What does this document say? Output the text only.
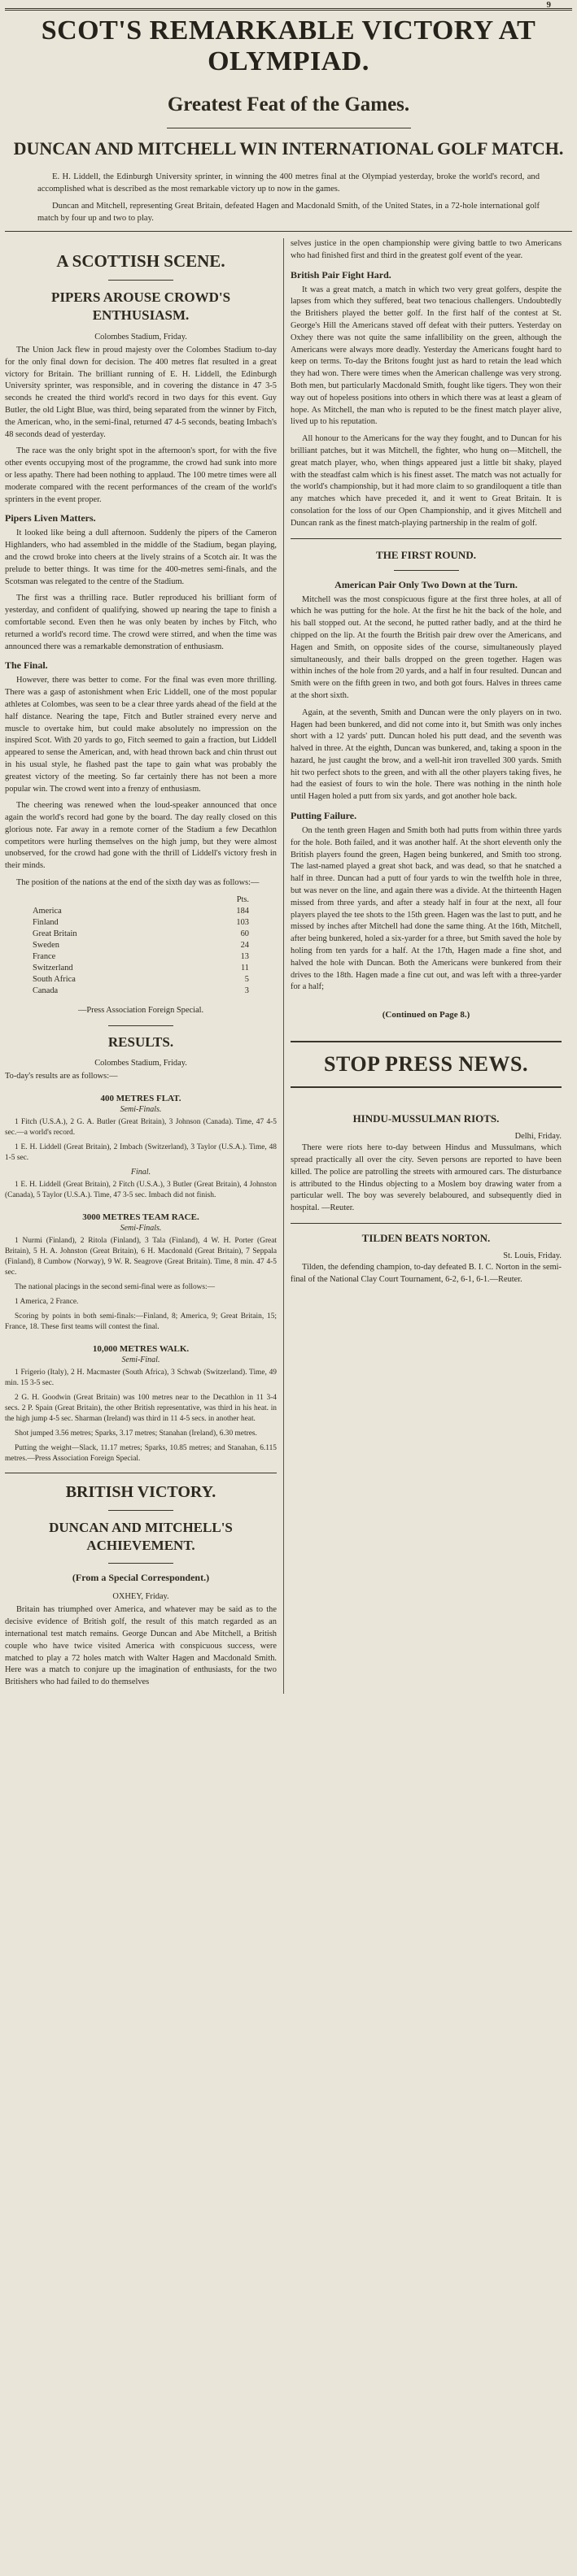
9
SCOT'S REMARKABLE VICTORY AT OLYMPIAD.
Greatest Feat of the Games.
DUNCAN AND MITCHELL WIN INTERNATIONAL GOLF MATCH.

E. H. Liddell, the Edinburgh University sprinter, in winning the 400 metres final at the Olympiad yesterday, broke the world's record, and accomplished what is described as the most remarkable victory up to now in the games.

Duncan and Mitchell, representing Great Britain, defeated Hagen and Macdonald Smith, of the United States, in a 72-hole international golf match by four up and two to play.

A SCOTTISH SCENE.
PIPERS AROUSE CROWD'S ENTHUSIASM.
Colombes Stadium, Friday.

The Union Jack flew in proud majesty over the Colombes Stadium to-day for the only final down for decision. The 400 metres flat resulted in a great victory for Britain. The brilliant running of E. H. Liddell, the Edinburgh University sprinter, was responsible, and in covering the distance in 47 3-5 seconds he created the third world's record in two days for this event. Guy Butler, the old Light Blue, was third, being separated from the winner by Fitch, the American, who, in the semi-final, returned 47 4-5 seconds, beating Imbach's 48 seconds dead of yesterday.

The race was the only bright spot in the afternoon's sport, for with the five other events occupying most of the programme, the crowd had sunk into more or less apathy. There had been nothing to applaud. The 100 metre times were all moderate compared with the recent performances of the cream of the world's sprinters in the event proper.

Pipers Liven Matters.

It looked like being a dull afternoon. Suddenly the pipers of the Cameron Highlanders, who had assembled in the middle of the Stadium, began playing, and the crowd broke into cheers at the lively strains of a Scotch air. It was the prelude to better things. It was time for the 400-metres semi-finals, and the Scotsman was relegated to the centre of the Stadium.

The first was a thrilling race. Butler reproduced his brilliant form of yesterday, and confident of qualifying, showed up nearing the tape to finish a comfortable second. Even then he was only beaten by inches by Fitch, who returned a world's record time. The crowd were stirred, and when the time was announced there was a remarkable demonstration of enthusiasm.

The Final.

However, there was better to come. For the final was even more thrilling. There was a gasp of astonishment when Eric Liddell, one of the most popular athletes at Colombes, was seen to be a clear three yards ahead of the field at the half distance. Nearing the tape, Fitch and Butler strained every nerve and muscle to overtake him, but could make absolutely no impression on the inspired Scot. With 20 yards to go, Fitch seemed to gain a fraction, but Liddell appeared to sense the American, and, with head thrown back and chin thrust out in his usual style, he flashed past the tape to gain what was probably the greatest victory of the meeting. So far certainly there has not been a more popular win. The crowd went into a frenzy of enthusiasm.

The cheering was renewed when the loud-speaker announced that once again the world's record had gone by the board. The day really closed on this glorious note. Far away in a remote corner of the Stadium a few Decathlon competitors were hurling themselves on the high jump, but they were almost unobserved, for the crowd had gone with the thrill of Liddell's victory fresh in their minds.

The position of the nations at the end of the sixth day was as follows:—

	Pts.
America	184
Finland	103
Great Britain	60
Sweden	24
France	13
Switzerland	11
South Africa	5
Canada	3
—Press Association Foreign Special.
RESULTS.
Colombes Stadium, Friday.
To-day's results are as follows:—
400 METRES FLAT.
Semi-Finals.

1 Fitch (U.S.A.), 2 G. A. Butler (Great Britain), 3 Johnson (Canada). Time, 47 4-5 sec.—a world's record.

1 E. H. Liddell (Great Britain), 2 Imbach (Switzerland), 3 Taylor (U.S.A.). Time, 48 1-5 sec.

Final.

1 E. H. Liddell (Great Britain), 2 Fitch (U.S.A.), 3 Butler (Great Britain), 4 Johnston (Canada), 5 Taylor (U.S.A.). Time, 47 3-5 sec. Imbach did not finish.

3000 METRES TEAM RACE.
Semi-Finals.

1 Nurmi (Finland), 2 Ritola (Finland), 3 Tala (Finland), 4 W. H. Porter (Great Britain), 5 H. A. Johnston (Great Britain), 6 H. Macdonald (Great Britain), 7 Seppala (Finland), 8 Cumbow (Norway), 9 W. R. Seagrove (Great Britain). Time, 8 min. 47 4-5 sec.

The national placings in the second semi-final were as follows:—

1 America, 2 France.

Scoring by points in both semi-finals:—Finland, 8; America, 9; Great Britain, 15; France, 18. These first teams will contest the final.

10,000 METRES WALK.
Semi-Final.

1 Frigerio (Italy), 2 H. Macmaster (South Africa), 3 Schwab (Switzerland). Time, 49 min. 15 3-5 sec.

2 G. H. Goodwin (Great Britain) was 100 metres near to the Decathlon in 11 3-4 secs. 2 P. Spain (Great Britain), the other British representative, was third in his heat. in the high jump 4-5 sec. Sharman (Ireland) was third in 11 4-5 secs. in another heat.

Shot jumped 3.56 metres; Sparks, 3.17 metres; Stanahan (Ireland), 6.30 metres.

Putting the weight—Slack, 11.17 metres; Sparks, 10.85 metres; and Stanahan, 6.115 metres.—Press Association Foreign Special.

BRITISH VICTORY.
DUNCAN AND MITCHELL'S ACHIEVEMENT.
(From a Special Correspondent.)
OXHEY, Friday.

Britain has triumphed over America, and whatever may be said as to the decisive evidence of British golf, the result of this match regarded as an international test match remains. George Duncan and Abe Mitchell, a British couple who have twice visited America with conspicuous success, were matched to play a 72 holes match with Walter Hagen and Macdonald Smith. Here was a match to conjure up the imagination of enthusiasts, for the two Britishers who had failed to do themselves

selves justice in the open championship were giving battle to two Americans who had finished first and third in the greatest golf event of the year.

British Pair Fight Hard.

It was a great match, a match in which two very great golfers, despite the lapses from which they suffered, beat two tenacious challengers. Undoubtedly the Britishers played the better golf. In the first half of the contest at St. George's Hill the Americans staved off defeat with their putters. Yesterday on Oxhey there was not quite the same infallibility on the green, although the Americans were always more deadly. Yesterday the Americans fought hard to keep on terms. To-day the Britons fought just as hard to retain the lead which they had won. There were times when the American challenge was very strong. Both men, but particularly Macdonald Smith, fought like tigers. They won their way out of hopeless positions into others in which there was at least a gleam of hope. As Mitchell, the man who is reputed to be the finest match player alive, lived up to his reputation.

All honour to the Americans for the way they fought, and to Duncan for his brilliant patches, but it was Mitchell, the fighter, who hung on—Mitchell, the great match player, who, when things appeared just a little bit shaky, played with the steadfast calm which is his finest asset. The match was not actually for the world's championship, but it had more claim to so grandiloquent a title than any matches which have preceded it, and it went to Great Britain. It is consolation for the loss of our Open Championship, and it gives Mitchell and Duncan rank as the finest match-playing partnership in the realm of golf.

THE FIRST ROUND.
American Pair Only Two Down at the Turn.

Mitchell was the most conspicuous figure at the first three holes, at all of which he was putting for the hole. At the first he hit the back of the hole, and his ball stopped out. At the second, he putted rather badly, and at the third he chipped on the lip. At the fourth the British pair drew over the Americans, and Hagen and Smith, on opposite sides of the course, simultaneously played simultaneously, and their balls dropped on the green together. Hagen was within inches of the hole from 20 yards, and a half in four resulted. Duncan and Smith were on the fifth green in two, and both got fours. Halves in threes came at the short sixth.

Again, at the seventh, Smith and Duncan were the only players on in two. Hagen had been bunkered, and did not come into it, but Smith was only inches short with a 12 yards' putt. Duncan holed his putt dead, and the seventh was halved in three. At the eighth, Duncan was bunkered, and, taking a spoon in the hazard, he just caught the brow, and a well-hit iron travelled 300 yards. Smith hit two perfect shots to the green, and with all the other players taking fives, he had the easiest of fours to win the hole. There was nothing in the ninth hole until Hagen holed a putt from six yards, and got another hole back.

Putting Failure.

On the tenth green Hagen and Smith both had putts from within three yards for the hole. Both failed, and it was another half. At the short eleventh only the British players found the green, Hagen being bunkered, and Smith too strong. The last-named played a great shot back, and was dead, so that he snatched a half in three. Duncan had a putt of four yards to win the twelfth hole in three, but was never on the line, and again there was a divide. At the thirteenth Hagen missed from three yards, and after a steady half in four at the next, all four players played the tee shots to the 15th green. Hagen was the last to putt, and he missed by inches after Mitchell had done the same thing. At the 16th, Mitchell, after being bunkered, holed a six-yarder for a three, but Smith saved the hole by holing from ten yards for a half. At the 17th, Hagen made a fine shot, and halved the hole with Duncan. Both the Americans were bunkered from their drives to the 18th. Hagen made a fine cut out, and was left with a three-yarder for a half;

(Continued on Page 8.)
STOP PRESS NEWS.
HINDU-MUSSULMAN RIOTS.
Delhi, Friday.

There were riots here to-day between Hindus and Mussulmans, which spread practically all over the city. Seven persons are reported to have been killed. The police are patrolling the streets with armoured cars. The disturbance is attributed to the Hindus objecting to a Moslem boy drawing water from a particular well. The boy was severely belaboured, and subsequently died in hospital. —Reuter.

TILDEN BEATS NORTON.
St. Louis, Friday.

Tilden, the defending champion, to-day defeated B. I. C. Norton in the semi-final of the National Clay Court Tournament, 6-2, 6-1, 6-1.—Reuter.
